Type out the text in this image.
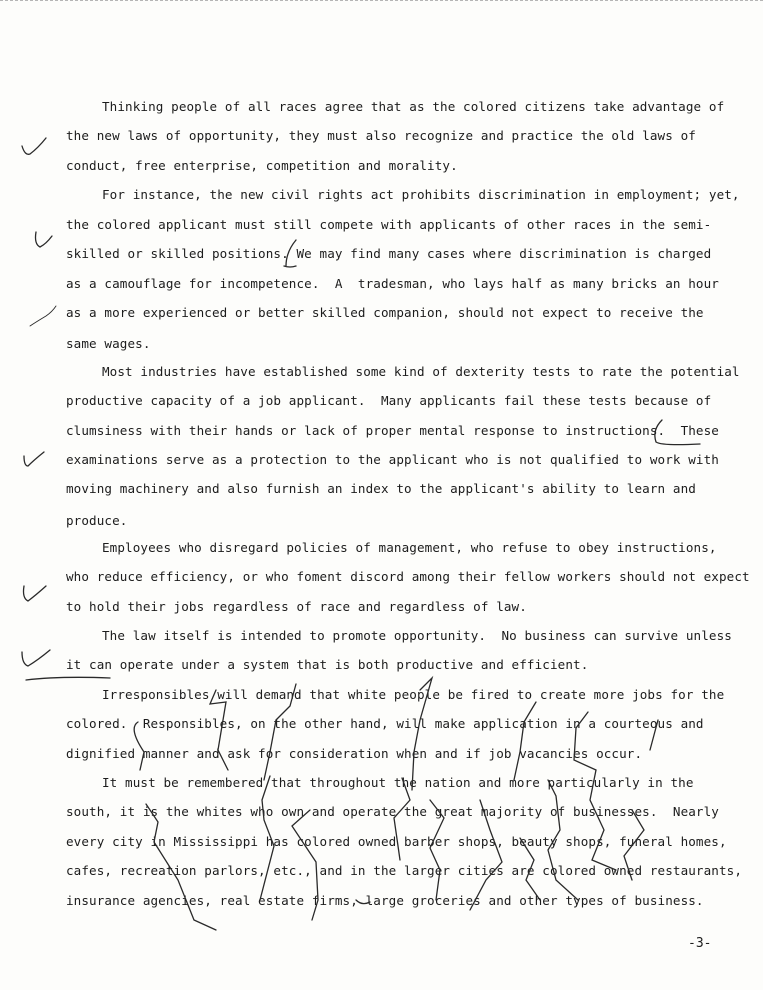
Thinking people of all races agree that as the colored citizens take advantage of

the new laws of opportunity, they must also recognize and practice the old laws of

conduct, free enterprise, competition and morality.

For instance, the new civil rights act prohibits discrimination in employment; yet,

the colored applicant must still compete with applicants of other races in the semi-

skilled or skilled positions. We may find many cases where discrimination is charged

as a camouflage for incompetence.  A  tradesman, who lays half as many bricks an hour

as a more experienced or better skilled companion, should not expect to receive the

same wages.

Most industries have established some kind of dexterity tests to rate the potential

productive capacity of a job applicant.  Many applicants fail these tests because of

clumsiness with their hands or lack of proper mental response to instructions.  These

examinations serve as a protection to the applicant who is not qualified to work with

moving machinery and also furnish an index to the applicant's ability to learn and

produce.

Employees who disregard policies of management, who refuse to obey instructions,

who reduce efficiency, or who foment discord among their fellow workers should not expect

to hold their jobs regardless of race and regardless of law.

The law itself is intended to promote opportunity.  No business can survive unless

it can operate under a system that is both productive and efficient.

Irresponsibles will demand that white people be fired to create more jobs for the

colored.  Responsibles, on the other hand, will make application in a courteous and

dignified manner and ask for consideration when and if job vacancies occur.

It must be remembered that throughout the nation and more particularly in the

south, it is the whites who own and operate the great majority of businesses.  Nearly

every city in Mississippi has colored owned barber shops, beauty shops, funeral homes,

cafes, recreation parlors, etc., and in the larger cities are colored owned restaurants,

insurance agencies, real estate firms, large groceries and other types of business.

-3-
